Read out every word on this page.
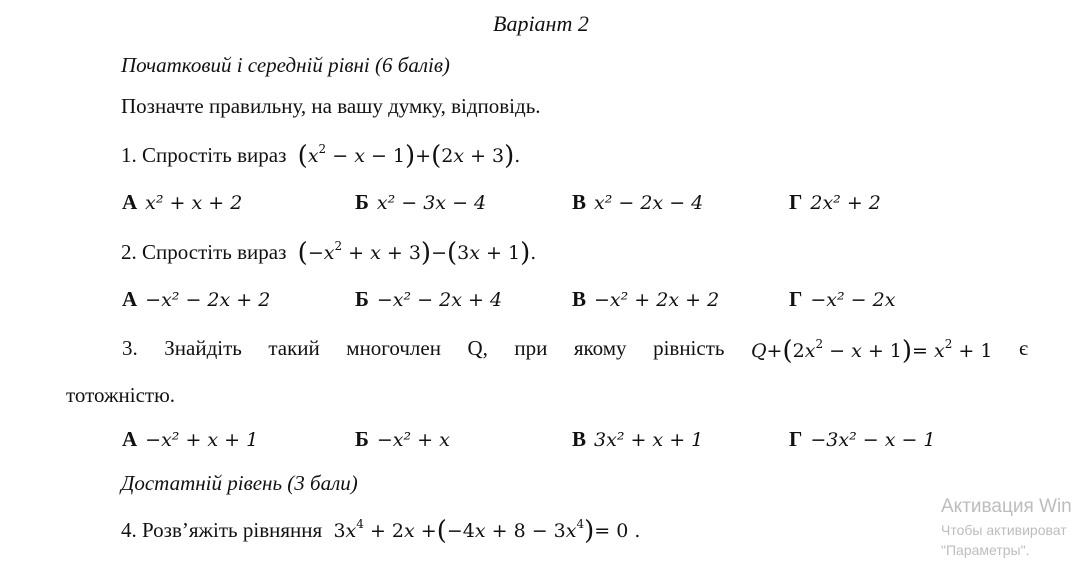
Варіант 2
Початковий і середній рівні (6 балів)
Позначте правильну, на вашу думку, відповідь.
1. Спростіть вираз $(x^2 - x - 1)+(2x + 3)$.
А x² + x + 2	Б x² − 3x − 4	В x² − 2x − 4	Г 2x² + 2
2. Спростіть вираз $(-x^2 + x + 3)-(3x + 1)$.
А −x² − 2x + 2	Б −x² − 2x + 4	В −x² + 2x + 2	Г −x² − 2x
3. Знайдіть такий многочлен Q, при якому рівність $Q+(2x^2 - x + 1)= x^2 + 1$ є
тотожністю.
А −x² + x + 1	Б −x² + x	В 3x² + x + 1	Г −3x² − x − 1
Достатній рівень (3 бали)
4. Розв’яжіть рівняння  $3x^4 + 2x +(-4x + 8 - 3x^4)= 0$ .
Активация Win
Чтобы активироват
"Параметры".
